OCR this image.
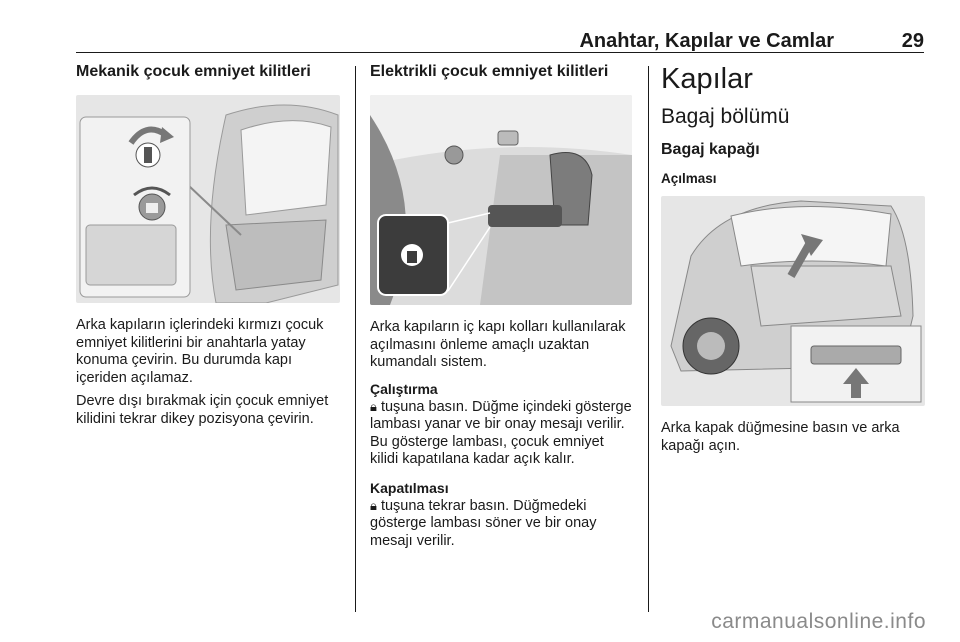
Anahtar, Kapılar ve Camlar	29
Mekanik çocuk emniyet kilitleri

Arka kapıların içlerindeki kırmızı çocuk emniyet kilitlerini bir anahtarla yatay konuma çevirin. Bu durumda kapı içeriden açılamaz.

Devre dışı bırakmak için çocuk emniyet kilidini tekrar dikey pozisyona çevirin.

Elektrikli çocuk emniyet kilitleri

Arka kapıların iç kapı kolları kullanılarak açılmasını önleme amaçlı uzaktan kumandalı sistem.

Çalıştırma

🔒︎ tuşuna basın. Düğme içindeki gösterge lambası yanar ve bir onay mesajı verilir. Bu gösterge lambası, çocuk emniyet kilidi kapatılana kadar açık kalır.

Kapatılması

🔒︎ tuşuna tekrar basın. Düğmedeki gösterge lambası söner ve bir onay mesajı verilir.

Kapılar
Bagaj bölümü
Bagaj kapağı
Açılması

Arka kapak düğmesine basın ve arka kapağı açın.

carmanualsonline.info
